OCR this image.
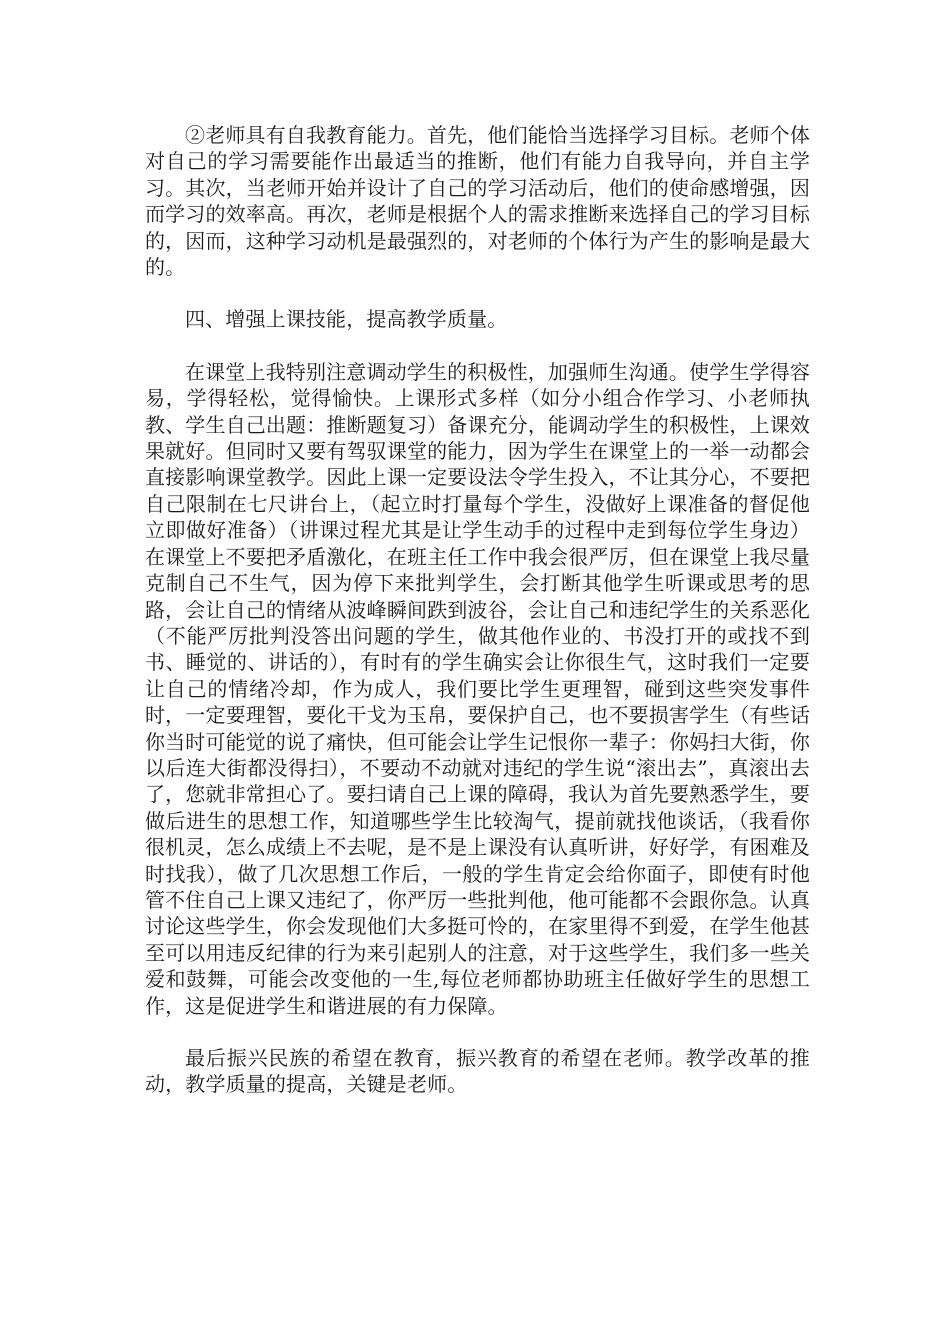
②老师具有自我教育能力。首先，他们能恰当选择学习目标。老师个体对自己的学习需要能作出最适当的推断，他们有能力自我导向，并自主学习。其次，当老师开始并设计了自己的学习活动后，他们的使命感增强，因而学习的效率高。再次，老师是根据个人的需求推断来选择自己的学习目标的，因而，这种学习动机是最强烈的，对老师的个体行为产生的影响是最大的。

四、增强上课技能，提高教学质量。

在课堂上我特别注意调动学生的积极性，加强师生沟通。使学生学得容易，学得轻松，觉得愉快。上课形式多样（如分小组合作学习、小老师执教、学生自己出题：推断题复习）备课充分，能调动学生的积极性，上课效果就好。但同时又要有驾驭课堂的能力，因为学生在课堂上的一举一动都会直接影响课堂教学。因此上课一定要设法令学生投入，不让其分心，不要把自己限制在七尺讲台上，（起立时打量每个学生，没做好上课准备的督促他立即做好准备）（讲课过程尤其是让学生动手的过程中走到每位学生身边）在课堂上不要把矛盾激化，在班主任工作中我会很严厉，但在课堂上我尽量克制自己不生气，因为停下来批判学生，会打断其他学生听课或思考的思路，会让自己的情绪从波峰瞬间跌到波谷，会让自己和违纪学生的关系恶化（不能严厉批判没答出问题的学生，做其他作业的、书没打开的或找不到书、睡觉的、讲话的），有时有的学生确实会让你很生气，这时我们一定要让自己的情绪冷却，作为成人，我们要比学生更理智，碰到这些突发事件时，一定要理智，要化干戈为玉帛，要保护自己，也不要损害学生（有些话你当时可能觉的说了痛快，但可能会让学生记恨你一辈子：你妈扫大街，你以后连大街都没得扫），不要动不动就对违纪的学生说“滚出去”，真滚出去了，您就非常担心了。要扫请自己上课的障碍，我认为首先要熟悉学生，要做后进生的思想工作，知道哪些学生比较淘气，提前就找他谈话，（我看你很机灵，怎么成绩上不去呢，是不是上课没有认真听讲，好好学，有困难及时找我），做了几次思想工作后，一般的学生肯定会给你面子，即使有时他管不住自己上课又违纪了，你严厉一些批判他，他可能都不会跟你急。认真讨论这些学生，你会发现他们大多挺可怜的，在家里得不到爱，在学生他甚至可以用违反纪律的行为来引起别人的注意，对于这些学生，我们多一些关爱和鼓舞，可能会改变他的一生,每位老师都协助班主任做好学生的思想工作，这是促进学生和谐进展的有力保障。

最后振兴民族的希望在教育，振兴教育的希望在老师。教学改革的推动，教学质量的提高，关键是老师。
